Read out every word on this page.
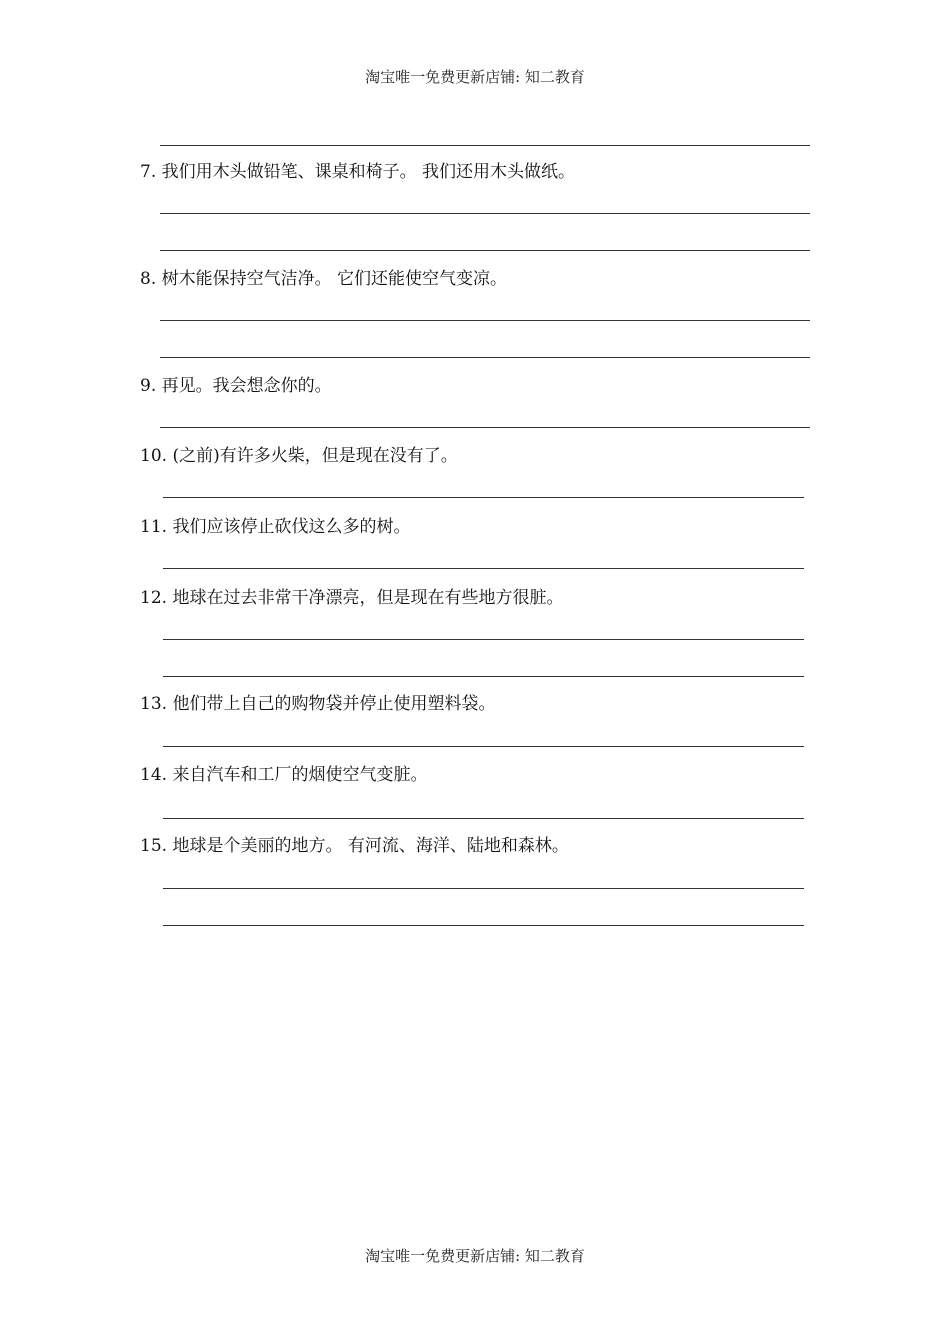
淘宝唯一免费更新店铺: 知二教育
7. 我们用木头做铅笔、课桌和椅子。 我们还用木头做纸。
8. 树木能保持空气洁净。 它们还能使空气变凉。
9. 再见。我会想念你的。
10. (之前)有许多火柴，但是现在没有了。
11. 我们应该停止砍伐这么多的树。
12. 地球在过去非常干净漂亮，但是现在有些地方很脏。
13. 他们带上自己的购物袋并停止使用塑料袋。
14. 来自汽车和工厂的烟使空气变脏。
15. 地球是个美丽的地方。 有河流、海洋、陆地和森林。
淘宝唯一免费更新店铺: 知二教育
